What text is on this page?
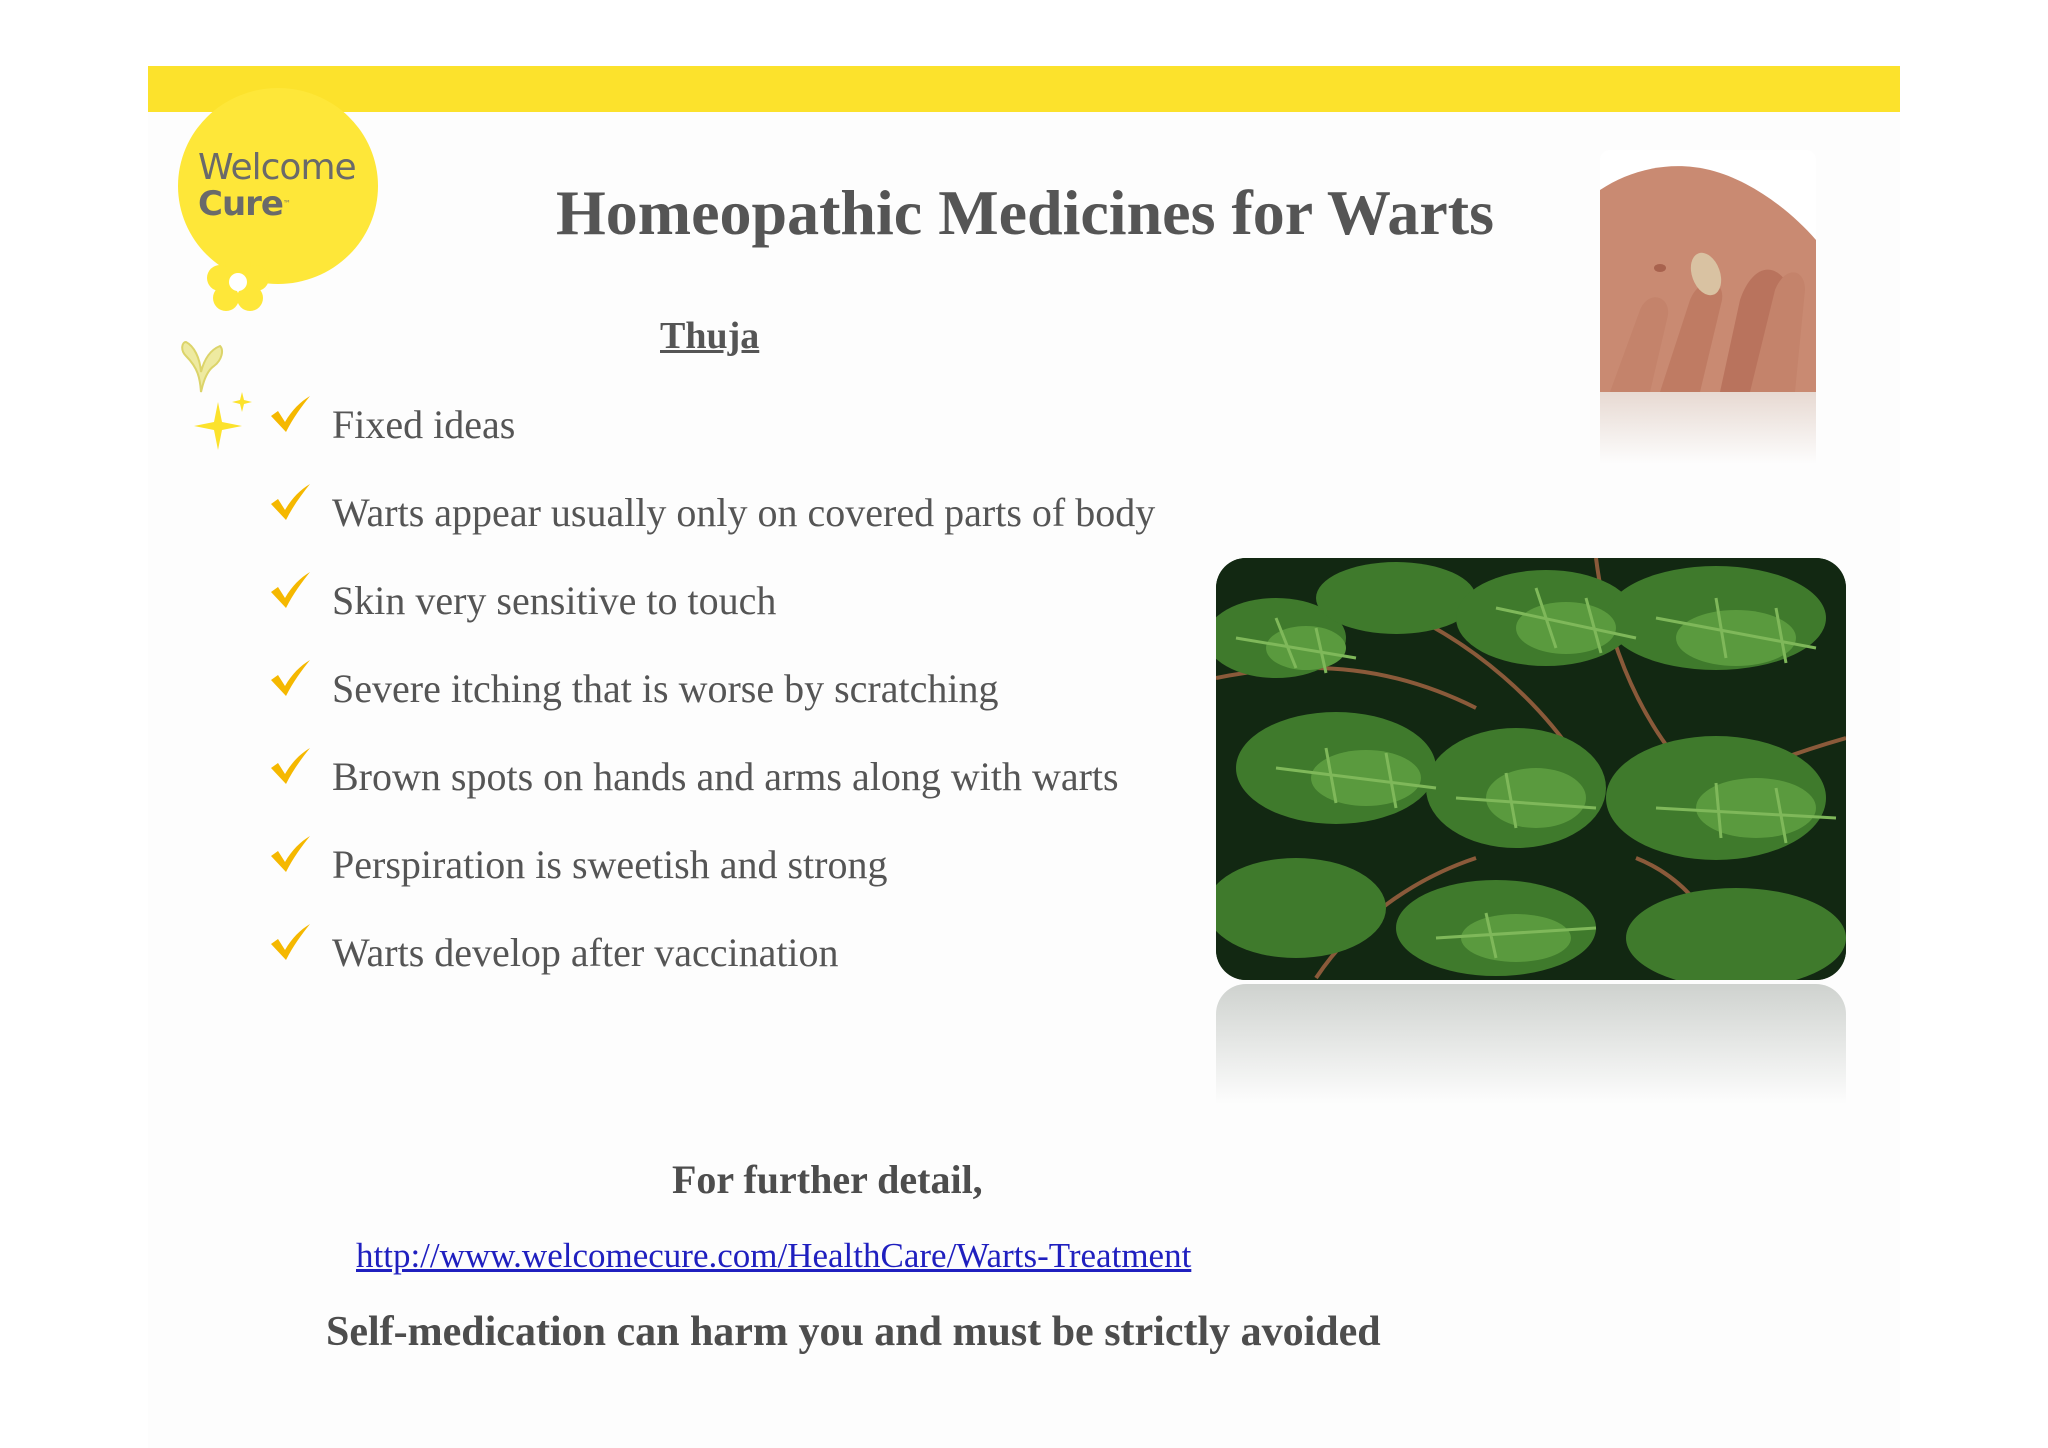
Welcome
Cure™	Homeopathic Medicines for Warts
Thuja
Fixed ideas
Warts appear usually only on covered parts of body
Skin very sensitive to touch
Severe itching that is worse by scratching
Brown spots on hands and arms along with warts
Perspiration is sweetish and strong
Warts develop after vaccination
For further detail,
http://www.welcomecure.com/HealthCare/Warts-Treatment
Self-medication can harm you and must be strictly avoided
